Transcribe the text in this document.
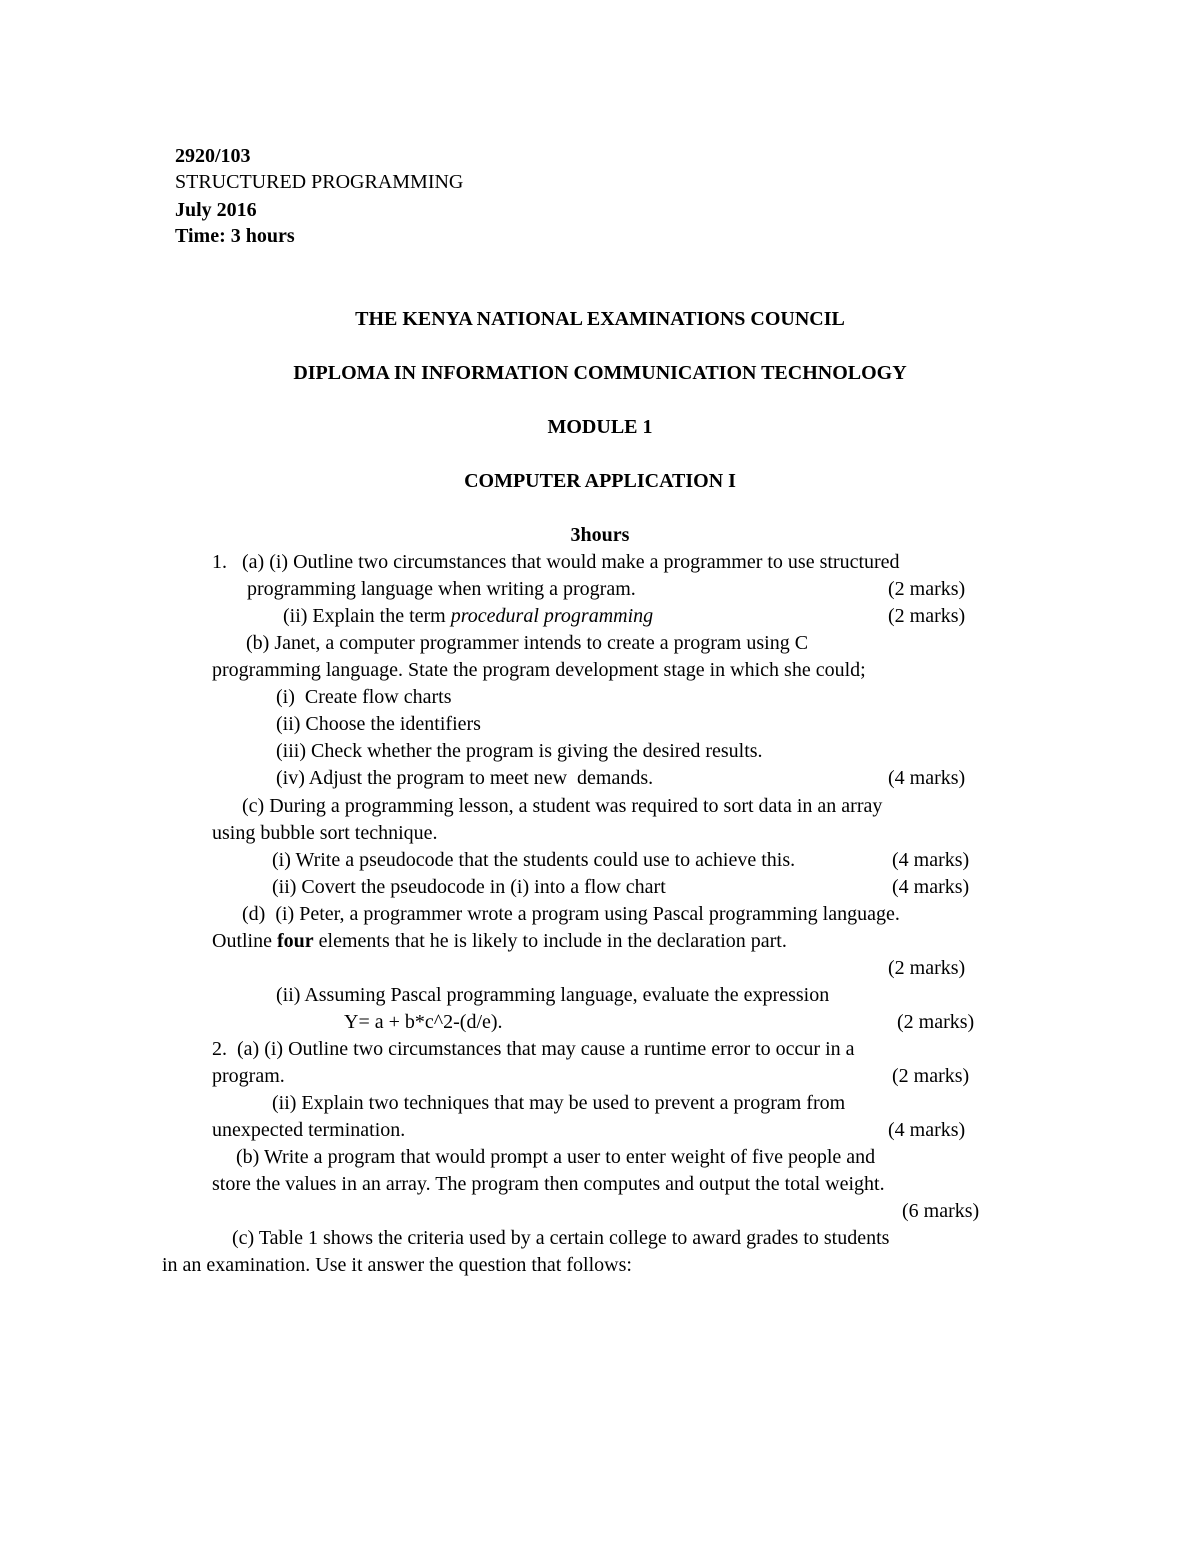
2920/103
STRUCTURED PROGRAMMING
July 2016
Time: 3 hours
THE KENYA NATIONAL EXAMINATIONS COUNCIL
DIPLOMA IN INFORMATION COMMUNICATION TECHNOLOGY
MODULE 1
COMPUTER APPLICATION I
3hours
1.   (a) (i) Outline two circumstances that would make a programmer to use structured
programming language when writing a program.	(2 marks)
(ii) Explain the term procedural programming	(2 marks)
(b) Janet, a computer programmer intends to create a program using C
programming language. State the program development stage in which she could;
(i)  Create flow charts
(ii) Choose the identifiers
(iii) Check whether the program is giving the desired results.
(iv) Adjust the program to meet new  demands.	(4 marks)
(c) During a programming lesson, a student was required to sort data in an array
using bubble sort technique.
(i) Write a pseudocode that the students could use to achieve this.	(4 marks)
(ii) Covert the pseudocode in (i) into a flow chart	(4 marks)
(d)  (i) Peter, a programmer wrote a program using Pascal programming language.
Outline four elements that he is likely to include in the declaration part.
(2 marks)
(ii) Assuming Pascal programming language, evaluate the expression
Y= a + b*c^2-(d/e).	(2 marks)
2.  (a) (i) Outline two circumstances that may cause a runtime error to occur in a
program.	(2 marks)
(ii) Explain two techniques that may be used to prevent a program from
unexpected termination.	(4 marks)
(b) Write a program that would prompt a user to enter weight of five people and
store the values in an array. The program then computes and output the total weight.
(6 marks)
(c) Table 1 shows the criteria used by a certain college to award grades to students
in an examination. Use it answer the question that follows:
